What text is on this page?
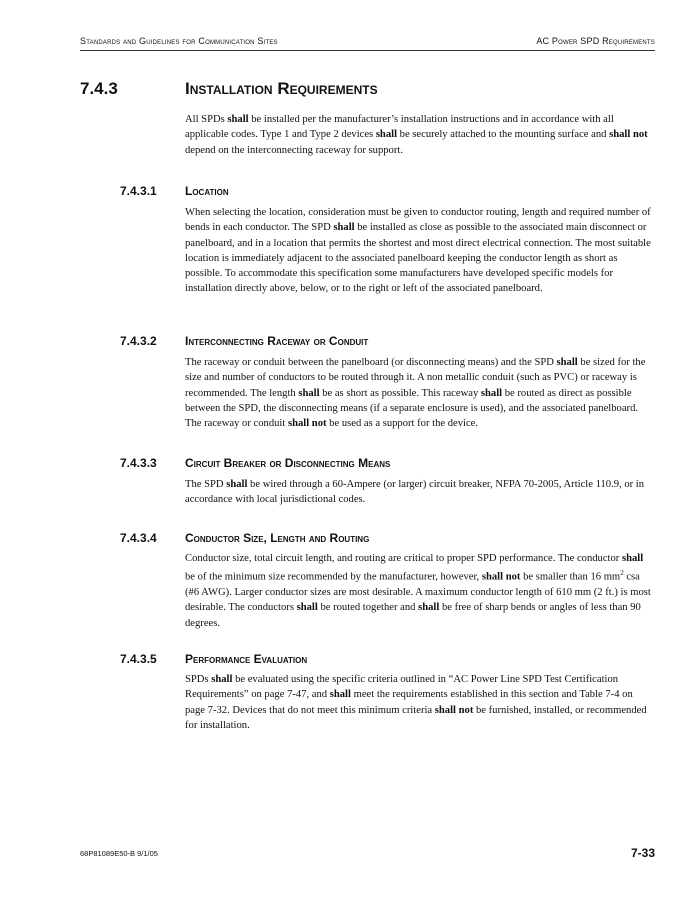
Standards and Guidelines for Communication Sites	AC Power SPD Requirements
7.4.3	Installation Requirements
All SPDs shall be installed per the manufacturer’s installation instructions and in accordance with all applicable codes. Type 1 and Type 2 devices shall be securely attached to the mounting surface and shall not depend on the interconnecting raceway for support.
7.4.3.1 Location
When selecting the location, consideration must be given to conductor routing, length and required number of bends in each conductor. The SPD shall be installed as close as possible to the associated main disconnect or panelboard, and in a location that permits the shortest and most direct electrical connection. The most suitable location is immediately adjacent to the associated panelboard keeping the conductor length as short as possible. To accommodate this specification some manufacturers have developed specific models for installation directly above, below, or to the right or left of the associated panelboard.
7.4.3.2 Interconnecting Raceway or Conduit
The raceway or conduit between the panelboard (or disconnecting means) and the SPD shall be sized for the size and number of conductors to be routed through it. A non metallic conduit (such as PVC) or raceway is recommended. The length shall be as short as possible. This raceway shall be routed as direct as possible between the SPD, the disconnecting means (if a separate enclosure is used), and the associated panelboard. The raceway or conduit shall not be used as a support for the device.
7.4.3.3 Circuit Breaker or Disconnecting Means
The SPD shall be wired through a 60-Ampere (or larger) circuit breaker, NFPA 70-2005, Article 110.9, or in accordance with local jurisdictional codes.
7.4.3.4 Conductor Size, Length and Routing
Conductor size, total circuit length, and routing are critical to proper SPD performance. The conductor shall be of the minimum size recommended by the manufacturer, however, shall not be smaller than 16 $mm^2$ csa (#6 AWG). Larger conductor sizes are most desirable. A maximum conductor length of 610 mm (2 ft.) is most desirable. The conductors shall be routed together and shall be free of sharp bends or angles of less than 90 degrees.
7.4.3.5 Performance Evaluation
SPDs shall be evaluated using the specific criteria outlined in “AC Power Line SPD Test Certification Requirements” on page 7-47, and shall meet the requirements established in this section and Table 7-4 on page 7-32. Devices that do not meet this minimum criteria shall not be furnished, installed, or recommended for installation.
68P81089E50-B 9/1/05	7-33
